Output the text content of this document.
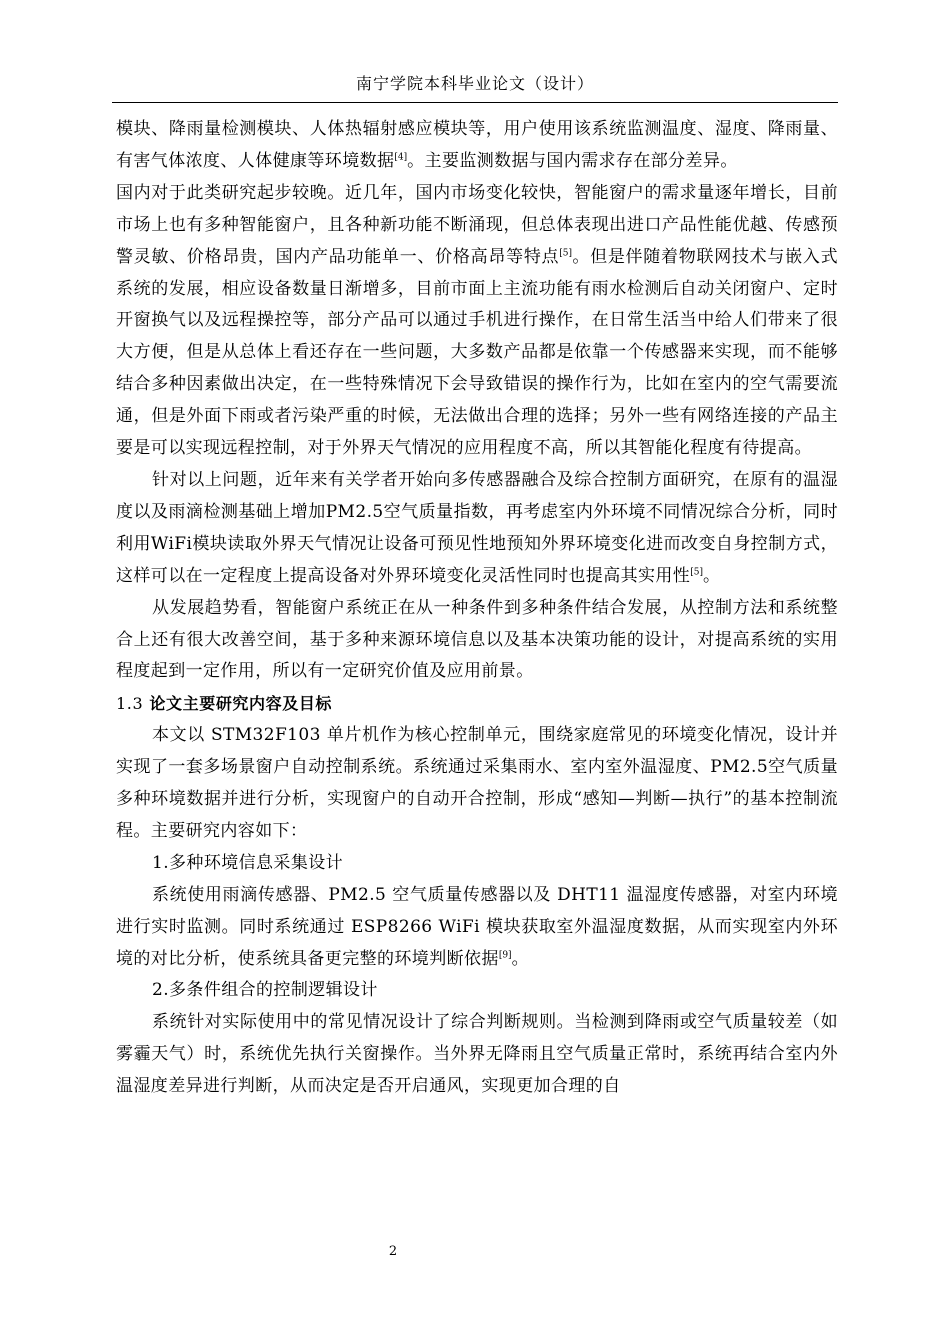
南宁学院本科毕业论文（设计）

模块、降雨量检测模块、人体热辐射感应模块等，用户使用该系统监测温度、湿度、降雨量、有害气体浓度、人体健康等环境数据[4]。主要监测数据与国内需求存在部分差异。

国内对于此类研究起步较晚。近几年，国内市场变化较快，智能窗户的需求量逐年增长，目前市场上也有多种智能窗户，且各种新功能不断涌现，但总体表现出进口产品性能优越、传感预警灵敏、价格昂贵，国内产品功能单一、价格高昂等特点[5]。但是伴随着物联网技术与嵌入式系统的发展，相应设备数量日渐增多，目前市面上主流功能有雨水检测后自动关闭窗户、定时开窗换气以及远程操控等，部分产品可以通过手机进行操作，在日常生活当中给人们带来了很大方便，但是从总体上看还存在一些问题，大多数产品都是依靠一个传感器来实现，而不能够结合多种因素做出决定，在一些特殊情况下会导致错误的操作行为，比如在室内的空气需要流通，但是外面下雨或者污染严重的时候，无法做出合理的选择；另外一些有网络连接的产品主要是可以实现远程控制，对于外界天气情况的应用程度不高，所以其智能化程度有待提高。

针对以上问题，近年来有关学者开始向多传感器融合及综合控制方面研究，在原有的温湿度以及雨滴检测基础上增加PM2.5空气质量指数，再考虑室内外环境不同情况综合分析，同时利用WiFi模块读取外界天气情况让设备可预见性地预知外界环境变化进而改变自身控制方式，这样可以在一定程度上提高设备对外界环境变化灵活性同时也提高其实用性[5]。

从发展趋势看，智能窗户系统正在从一种条件到多种条件结合发展，从控制方法和系统整合上还有很大改善空间，基于多种来源环境信息以及基本决策功能的设计，对提高系统的实用程度起到一定作用，所以有一定研究价值及应用前景。

1.3 论文主要研究内容及目标

本文以 STM32F103 单片机作为核心控制单元，围绕家庭常见的环境变化情况，设计并实现了一套多场景窗户自动控制系统。系统通过采集雨水、室内室外温湿度、PM2.5空气质量多种环境数据并进行分析，实现窗户的自动开合控制，形成“感知—判断—执行”的基本控制流程。主要研究内容如下：

1.多种环境信息采集设计

系统使用雨滴传感器、PM2.5 空气质量传感器以及 DHT11 温湿度传感器，对室内环境进行实时监测。同时系统通过 ESP8266 WiFi 模块获取室外温湿度数据，从而实现室内外环境的对比分析，使系统具备更完整的环境判断依据[9]。

2.多条件组合的控制逻辑设计

系统针对实际使用中的常见情况设计了综合判断规则。当检测到降雨或空气质量较差（如雾霾天气）时，系统优先执行关窗操作。当外界无降雨且空气质量正常时，系统再结合室内外温湿度差异进行判断，从而决定是否开启通风，实现更加合理的自

2
